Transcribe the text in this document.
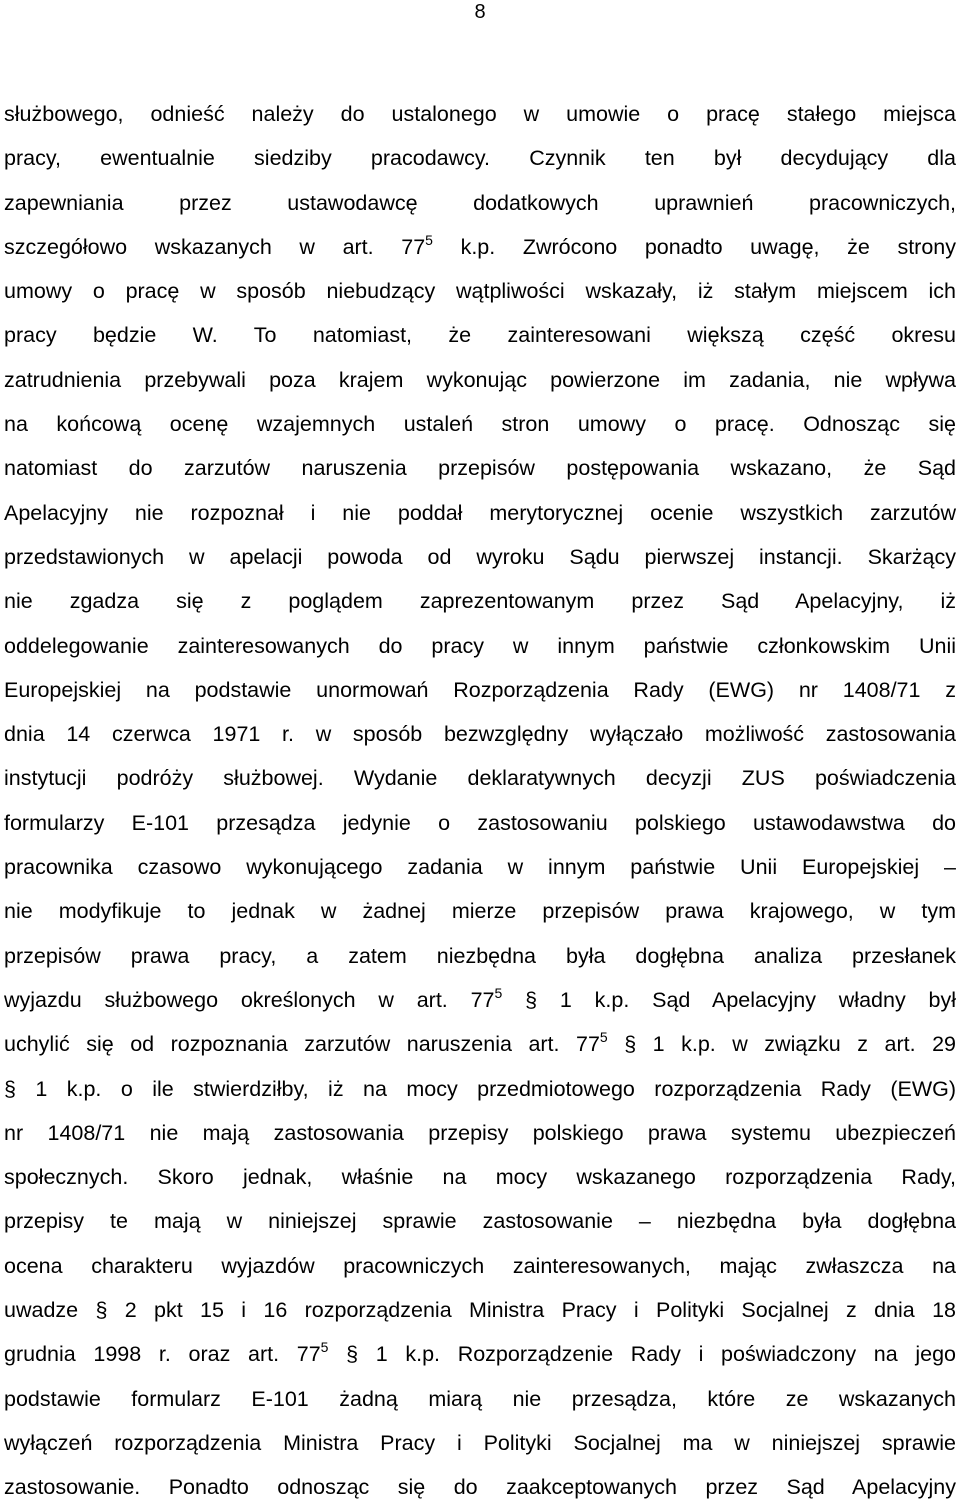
8
służbowego, odnieść należy do ustalonego w umowie o pracę stałego miejsca
pracy, ewentualnie siedziby pracodawcy. Czynnik ten był decydujący dla
zapewniania przez ustawodawcę dodatkowych uprawnień pracowniczych,
szczegółowo wskazanych w art. $77^5$ k.p. Zwrócono ponadto uwagę, że strony
umowy o pracę w sposób niebudzący wątpliwości wskazały, iż stałym miejscem ich
pracy będzie W. To natomiast, że zainteresowani większą część okresu
zatrudnienia przebywali poza krajem wykonując powierzone im zadania, nie wpływa
na końcową ocenę wzajemnych ustaleń stron umowy o pracę. Odnosząc się
natomiast do zarzutów naruszenia przepisów postępowania wskazano, że Sąd
Apelacyjny nie rozpoznał i nie poddał merytorycznej ocenie wszystkich zarzutów
przedstawionych w apelacji powoda od wyroku Sądu pierwszej instancji. Skarżący
nie zgadza się z poglądem zaprezentowanym przez Sąd Apelacyjny, iż
oddelegowanie zainteresowanych do pracy w innym państwie członkowskim Unii
Europejskiej na podstawie unormowań Rozporządzenia Rady (EWG) nr 1408/71 z
dnia 14 czerwca 1971 r. w sposób bezwzględny wyłączało możliwość zastosowania
instytucji podróży służbowej. Wydanie deklaratywnych decyzji ZUS poświadczenia
formularzy E-101 przesądza jedynie o zastosowaniu polskiego ustawodawstwa do
pracownika czasowo wykonującego zadania w innym państwie Unii Europejskiej –
nie modyfikuje to jednak w żadnej mierze przepisów prawa krajowego, w tym
przepisów prawa pracy, a zatem niezbędna była dogłębna analiza przesłanek
wyjazdu służbowego określonych w art. $77^5$ § 1 k.p. Sąd Apelacyjny władny był
uchylić się od rozpoznania zarzutów naruszenia art. $77^5$ § 1 k.p. w związku z art. 29
§ 1 k.p. o ile stwierdziłby, iż na mocy przedmiotowego rozporządzenia Rady (EWG)
nr 1408/71 nie mają zastosowania przepisy polskiego prawa systemu ubezpieczeń
społecznych. Skoro jednak, właśnie na mocy wskazanego rozporządzenia Rady,
przepisy te mają w niniejszej sprawie zastosowanie – niezbędna była dogłębna
ocena charakteru wyjazdów pracowniczych zainteresowanych, mając zwłaszcza na
uwadze § 2 pkt 15 i 16 rozporządzenia Ministra Pracy i Polityki Socjalnej z dnia 18
grudnia 1998 r. oraz art. $77^5$ § 1 k.p. Rozporządzenie Rady i poświadczony na jego
podstawie formularz E-101 żadną miarą nie przesądza, które ze wskazanych
wyłączeń rozporządzenia Ministra Pracy i Polityki Socjalnej ma w niniejszej sprawie
zastosowanie. Ponadto odnosząc się do zaakceptowanych przez Sąd Apelacyjny
